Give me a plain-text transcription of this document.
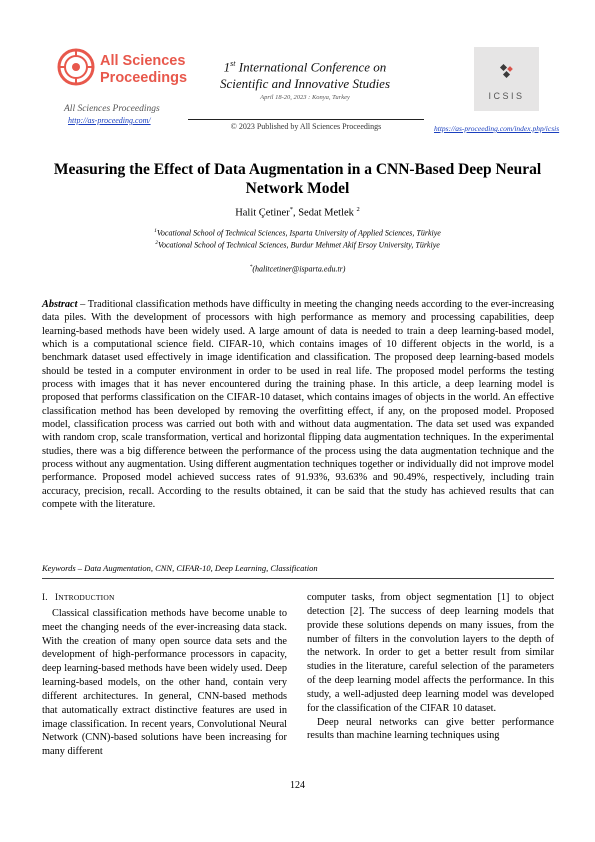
All Sciences
Proceedings
All Sciences Proceedings
http://as-proceeding.com/
1st International Conference on
Scientific and Innovative Studies
April 18-20, 2023 : Konya, Turkey
© 2023 Published by All Sciences Proceedings
ICSIS
https://as-proceeding.com/index.php/icsis
Measuring the Effect of Data Augmentation in a CNN-Based Deep Neural Network Model
Halit Çetiner*, Sedat Metlek $^2$
$^1$Vocational School of Technical Sciences, Isparta University of Applied Sciences, Türkiye
$^2$Vocational School of Technical Sciences, Burdur Mehmet Akif Ersoy University, Türkiye
*(halitcetiner@isparta.edu.tr)
Abstract – Traditional classification methods have difficulty in meeting the changing needs according to the ever-increasing data piles. With the development of processors with high performance as memory and processing capabilities, deep learning-based methods have been widely used. A large amount of data is needed to train a deep learning-based model, which is a computational science field. CIFAR-10, which contains images of 10 different objects in the world, is a benchmark dataset used effectively in image identification and classification. The proposed deep learning-based models should be tested in a computer environment in order to be used in real life. The proposed model performs the testing process with images that it has never encountered during the training phase. In this article, a deep learning model is proposed that performs classification on the CIFAR-10 dataset, which contains images of objects in the world. An effective classification method has been developed by removing the overfitting effect, if any, on the proposed model. Proposed model, classification process was carried out both with and without data augmentation. The data set used was expanded with random crop, scale transformation, vertical and horizontal flipping data augmentation techniques. In the experimental studies, there was a big difference between the performance of the process using the data augmentation technique and the process without any augmentation. Using different augmentation techniques together or individually did not improve model performance. Proposed model achieved success rates of 91.93%, 93.63% and 90.49%, respectively, including train accuracy, precision, recall. According to the results obtained, it can be said that the study has achieved results that can compete with the literature.
Keywords – Data Augmentation, CNN, CIFAR-10, Deep Learning, Classification
I. INTRODUCTION

Classical classification methods have become unable to meet the changing needs of the ever-increasing data stack. With the creation of many open source data sets and the development of high-performance processors in capacity, deep learning-based methods have been widely used. Deep learning-based models, on the other hand, contain very different architectures. In general, CNN-based methods that automatically extract distinctive features are used in image classification. In recent years, Convolutional Neural Network (CNN)-based solutions have been increasing for many different

computer tasks, from object segmentation [1] to object detection [2]. The success of deep learning models that provide these solutions depends on many issues, from the number of filters in the convolution layers to the depth of the network. In order to get a better result from similar studies in the literature, careful selection of the parameters of the deep learning model affects the performance. In this study, a well-adjusted deep learning model was developed for the classification of the CIFAR 10 dataset.

Deep neural networks can give better performance results than machine learning techniques using

124
